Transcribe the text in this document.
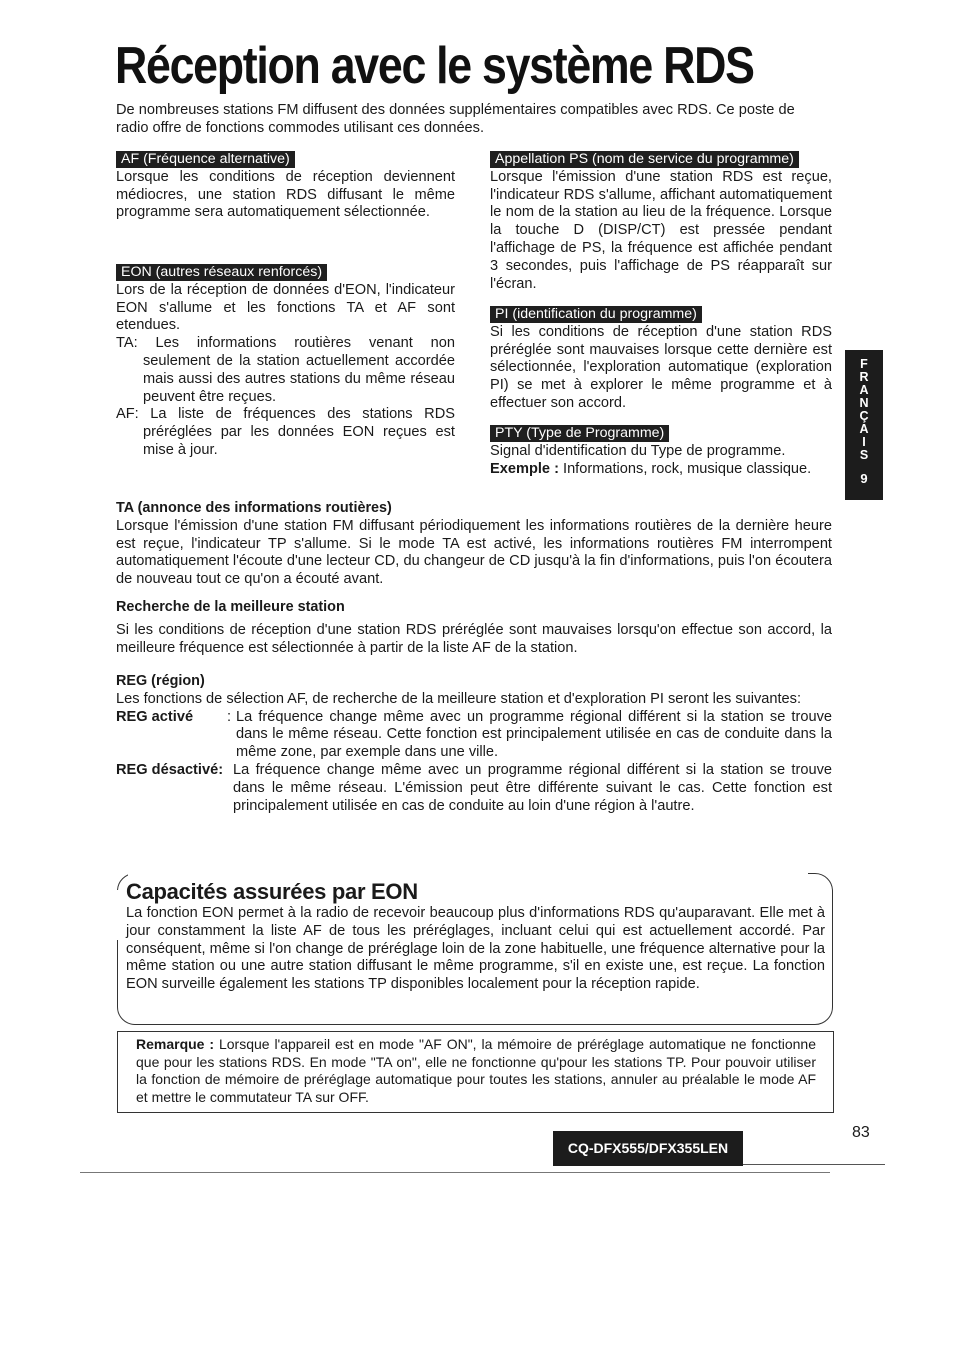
Réception avec le système RDS

De nombreuses stations FM diffusent des données supplémentaires compatibles avec RDS. Ce poste de radio offre de fonctions commodes utilisant ces données.

AF (Fréquence alternative)

Lorsque les conditions de réception deviennent médiocres, une station RDS diffusant le même programme sera automatiquement sélectionnée.

EON (autres réseaux renforcés)

Lors de la réception de données d'EON, l'indicateur EON s'allume et les fonctions TA et AF sont etendues.

TA: Les informations routières venant non seulement de la station actuellement accordée mais aussi des autres stations du même réseau peuvent être reçues.

AF: La liste de fréquences des stations RDS préréglées par les données EON reçues est mise à jour.

Appellation PS (nom de service du programme)

Lorsque l'émission d'une station RDS est reçue, l'indicateur RDS s'allume, affichant automatiquement le nom de la station au lieu de la fréquence. Lorsque la touche D (DISP/CT) est pressée pendant l'affichage de PS, la fréquence est affichée pendant 3 secondes, puis l'affichage de PS réapparaît sur l'écran.

PI (identification du programme)

Si les conditions de réception d'une station RDS préréglée sont mauvaises lorsque cette dernière est sélectionnée, l'exploration automatique (exploration PI) se met à explorer le même programme et à effectuer son accord.

PTY (Type de Programme)

Signal d'identification du Type de programme.

Exemple : Informations, rock, musique classique.

F
R
A
N
Ç
A
I
S
9

TA (annonce des informations routières)

Lorsque l'émission d'une station FM diffusant périodiquement les informations routières de la dernière heure est reçue, l'indicateur TP s'allume. Si le mode TA est activé, les informations routières FM interrompent automatiquement l'écoute d'une lecteur CD, du changeur de CD jusqu'à la fin d'informations, puis l'on écoutera de nouveau tout ce qu'on a écouté avant.

Recherche de la meilleure station

Si les conditions de réception d'une station RDS préréglée sont mauvaises lorsqu'on effectue son accord, la meilleure fréquence est sélectionnée à partir de la liste AF de la station.

REG (région)

Les fonctions de sélection AF, de recherche de la meilleure station et d'exploration PI seront les suivantes:

REG activé : La fréquence change même avec un programme régional différent si la station se trouve dans le même réseau. Cette fonction est principalement utilisée en cas de conduite dans la même zone, par exemple dans une ville.

REG désactivé: La fréquence change même avec un programme régional différent si la station se trouve dans le même réseau. L'émission peut être différente suivant le cas. Cette fonction est principalement utilisée en cas de conduite au loin d'une région à l'autre.

Capacités assurées par EON

La fonction EON permet à la radio de recevoir beaucoup plus d'informations RDS qu'auparavant. Elle met à jour constamment la liste AF de tous les préréglages, incluant celui qui est actuellement accordé. Par conséquent, même si l'on change de préréglage loin de la zone habituelle, une fréquence alternative pour la même station ou une autre station diffusant le même programme, s'il en existe une, est reçue. La fonction EON surveille également les stations TP disponibles localement pour la réception rapide.

Remarque : Lorsque l'appareil est en mode "AF ON", la mémoire de préréglage automatique ne fonctionne que pour les stations RDS. En mode "TA on", elle ne fonctionne qu'pour les stations TP. Pour pouvoir utiliser la fonction de mémoire de préréglage automatique pour toutes les stations, annuler au préalable le mode AF et mettre le commutateur TA sur OFF.

83
CQ-DFX555/DFX355LEN
